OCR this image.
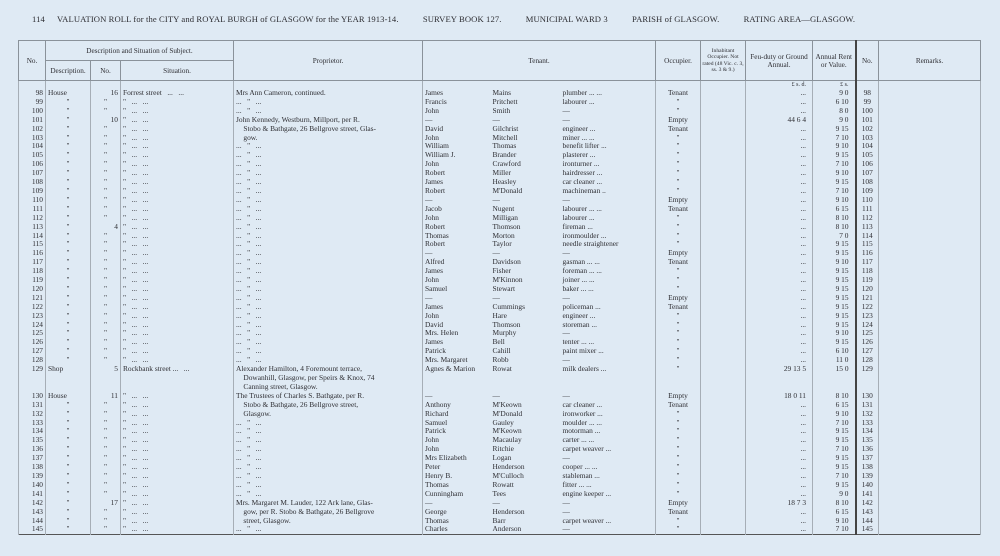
114 VALUATION ROLL for the CITY and ROYAL BURGH of GLASGOW for the YEAR 1913-14.	SURVEY BOOK 127.	MUNICIPAL WARD 3	PARISH of GLASGOW.	RATING AREA—GLASGOW.
No.	Description and Situation of Subject.			Proprietor.	Tenant.			Occupier.	Inhabitant Occupier. Not rated (48 Vic. c. 3, ss. 3 & 9.)	Feu-duty or Ground Annual.	Annual Rent or Value.	No.	Remarks.
	Description.	No.	Situation.										
										£ s. d.	£ s.		
98	House	16	Forrest street   ...   ...	Mrs Ann Cameron, continued.	James	Mains	plumber ... ...	Tenant		...	9 0	98	
99	"	"	"   ...   ...	...   "   ...	Francis	Pritchett	labourer ...	"		...	6 10	99	
100	"	"	"   ...   ...	...   "   ...	John	Smith	—	"		...	8 0	100	
101	"	10	"   ...   ...	John Kennedy, Westburn, Millport, per R.	—	—	—	Empty		44 6 4	9 0	101	
102	"	"	"   ...   ...	Stobo & Bathgate, 26 Bellgrove street, Glas-	David	Gilchrist	engineer ...	Tenant		...	9 15	102	
103	"	"	"   ...   ...	gow.	John	Mitchell	miner ... ...	"		...	7 10	103	
104	"	"	"   ...   ...	...   "   ...	William	Thomas	benefit lifter ...	"		...	9 10	104	
105	"	"	"   ...   ...	...   "   ...	William J.	Brander	plasterer ...	"		...	9 15	105	
106	"	"	"   ...   ...	...   "   ...	John	Crawford	ironturner ...	"		...	7 10	106	
107	"	"	"   ...   ...	...   "   ...	Robert	Miller	hairdresser ...	"		...	9 10	107	
108	"	"	"   ...   ...	...   "   ...	James	Heasley	car cleaner ...	"		...	9 15	108	
109	"	"	"   ...   ...	...   "   ...	Robert	M'Donald	machineman ..	"		...	7 10	109	
110	"	"	"   ...   ...	...   "   ...	—	—	—	Empty		...	9 10	110	
111	"	"	"   ...   ...	...   "   ...	Jacob	Nugent	labourer ... ...	Tenant		...	6 15	111	
112	"	"	"   ...   ...	...   "   ...	John	Milligan	labourer ...	"		...	8 10	112	
113	"	4	"   ...   ...	...   "   ...	Robert	Thomson	fireman ...	"		...	8 10	113	
114	"	"	"   ...   ...	...   "   ...	Thomas	Morton	ironmoulder ...	"		...	7 0	114	
115	"	"	"   ...   ...	...   "   ...	Robert	Taylor	needle straightener	"		...	9 15	115	
116	"	"	"   ...   ...	...   "   ...	—	—	—	Empty		...	9 15	116	
117	"	"	"   ...   ...	...   "   ...	Alfred	Davidson	gasman ... ...	Tenant		...	9 10	117	
118	"	"	"   ...   ...	...   "   ...	James	Fisher	foreman ... ...	"		...	9 15	118	
119	"	"	"   ...   ...	...   "   ...	John	M'Kinnon	joiner ... ...	"		...	9 15	119	
120	"	"	"   ...   ...	...   "   ...	Samuel	Stewart	baker ... ...	"		...	9 15	120	
121	"	"	"   ...   ...	...   "   ...	—	—	—	Empty		...	9 15	121	
122	"	"	"   ...   ...	...   "   ...	James	Cummings	policeman ...	Tenant		...	9 15	122	
123	"	"	"   ...   ...	...   "   ...	John	Hare	engineer ...	"		...	9 15	123	
124	"	"	"   ...   ...	...   "   ...	David	Thomson	storeman ...	"		...	9 15	124	
125	"	"	"   ...   ...	...   "   ...	Mrs. Helen	Murphy	—	"		...	9 10	125	
126	"	"	"   ...   ...	...   "   ...	James	Bell	tenter ... ...	"		...	9 15	126	
127	"	"	"   ...   ...	...   "   ...	Patrick	Cahill	paint mixer ...	"		...	6 10	127	
128	"	"	"   ...   ...	...   "   ...	Mrs. Margaret	Robb	—	"		...	11 0	128	
129	Shop	5	Rockbank street ...   ...	Alexander Hamilton, 4 Foremount terrace,	Agnes & Marion	Rowat	milk dealers ...	"		29 13 5	15 0	129	
				Dowanhill, Glasgow, per Speirs & Knox, 74									
				Canning street, Glasgow.									
130	House	11	"   ...   ...	The Trustees of Charles S. Bathgate, per R.	—	—	—	Empty		18 0 11	8 10	130	
131	"	"	"   ...   ...	Stobo & Bathgate, 26 Bellgrove street,	Anthony	M'Keown	car cleaner ...	Tenant		...	6 15	131	
132	"	"	"   ...   ...	Glasgow.	Richard	M'Donald	ironworker ...	"		...	9 10	132	
133	"	"	"   ...   ...	...   "   ...	Samuel	Gauley	moulder ... ...	"		...	7 10	133	
134	"	"	"   ...   ...	...   "   ...	Patrick	M'Keown	motorman ...	"		...	9 15	134	
135	"	"	"   ...   ...	...   "   ...	John	Macaulay	carter ... ...	"		...	9 15	135	
136	"	"	"   ...   ...	...   "   ...	John	Ritchie	carpet weaver ...	"		...	7 10	136	
137	"	"	"   ...   ...	...   "   ...	Mrs Elizabeth	Logan	—	"		...	9 15	137	
138	"	"	"   ...   ...	...   "   ...	Peter	Henderson	cooper ... ...	"		...	9 15	138	
139	"	"	"   ...   ...	...   "   ...	Henry B.	M'Culloch	stableman ...	"		...	7 10	139	
140	"	"	"   ...   ...	...   "   ...	Thomas	Rowatt	fitter ... ...	"		...	9 15	140	
141	"	"	"   ...   ...	...   "   ...	Cunningham	Tees	engine keeper ...	"		...	9 0	141	
142	"	17	"   ...   ...	Mrs. Margaret M. Lauder, 122 Ark lane, Glas-	—	—	—	Empty		18 7 3	8 10	142	
143	"	"	"   ...   ...	gow, per R. Stobo & Bathgate, 26 Bellgrove	George	Henderson	—	Tenant		...	6 15	143	
144	"	"	"   ...   ...	street, Glasgow.	Thomas	Barr	carpet weaver ...	"		...	9 10	144	
145	"	"	"   ...   ...	...   "   ...	Charles	Anderson	—	"		...	7 10	145	
